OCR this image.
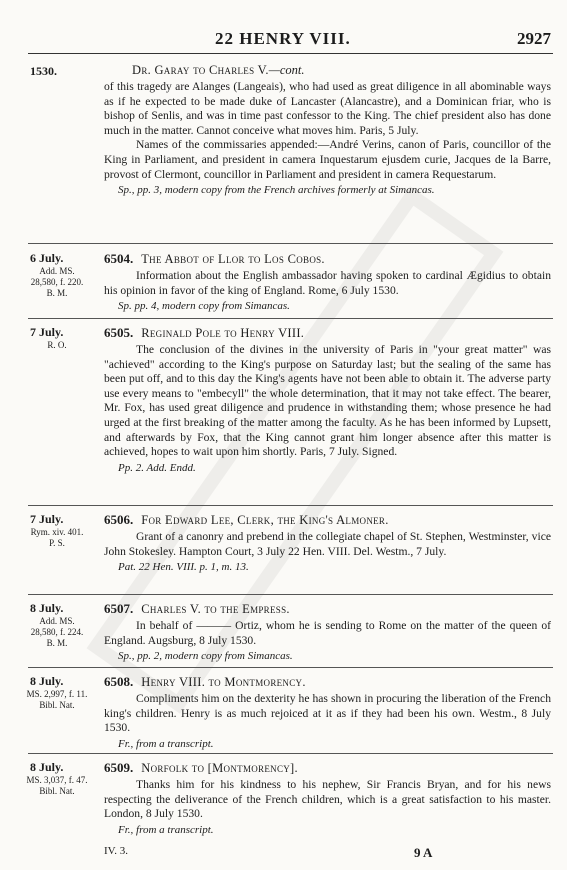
22 HENRY VIII.	2927
1530.	Dr. Garay to Charles V.—cont.

of this tragedy are Alanges (Langeais), who had used as great diligence in all abominable ways as if he expected to be made duke of Lancaster (Alancastre), and a Dominican friar, who is bishop of Senlis, and was in time past confessor to the King. The chief president also has done much in the matter. Cannot conceive what moves him. Paris, 5 July.

Names of the commissaries appended:—André Verins, canon of Paris, councillor of the King in Parliament, and president in camera Inquestarum ejusdem curie, Jacques de la Barre, provost of Clermont, councillor in Parliament and president in camera Requestarum.

Sp., pp. 3, modern copy from the French archives formerly at Simancas.
6 July.
Add. MS.
28,580, f. 220.
B. M.
6504. The Abbot of Llor to Los Cobos.

Information about the English ambassador having spoken to cardinal Ægidius to obtain his opinion in favor of the king of England. Rome, 6 July 1530.

Sp. pp. 4, modern copy from Simancas.
7 July.
R. O.
6505. Reginald Pole to Henry VIII.

The conclusion of the divines in the university of Paris in "your great matter" was "achieved" according to the King's purpose on Saturday last; but the sealing of the same has been put off, and to this day the King's agents have not been able to obtain it. The adverse party use every means to "embecyll" the whole determination, that it may not take effect. The bearer, Mr. Fox, has used great diligence and prudence in withstanding them; whose presence he had urged at the first breaking of the matter among the faculty. As he has been informed by Lupsett, and afterwards by Fox, that the King cannot grant him longer absence after this matter is achieved, hopes to wait upon him shortly. Paris, 7 July. Signed.

Pp. 2. Add. Endd.
7 July.
Rym. xiv. 401.
P. S.
6506. For Edward Lee, Clerk, the King's Almoner.

Grant of a canonry and prebend in the collegiate chapel of St. Stephen, Westminster, vice John Stokesley. Hampton Court, 3 July 22 Hen. VIII. Del. Westm., 7 July.

Pat. 22 Hen. VIII. p. 1, m. 13.
8 July.
Add. MS.
28,580, f. 224.
B. M.
6507. Charles V. to the Empress.

In behalf of ——— Ortiz, whom he is sending to Rome on the matter of the queen of England. Augsburg, 8 July 1530.

Sp., pp. 2, modern copy from Simancas.
8 July.
MS. 2,997, f. 11.
Bibl. Nat.
6508. Henry VIII. to Montmorency.

Compliments him on the dexterity he has shown in procuring the liberation of the French king's children. Henry is as much rejoiced at it as if they had been his own. Westm., 8 July 1530.

Fr., from a transcript.
8 July.
MS. 3,037, f. 47.
Bibl. Nat.
6509. Norfolk to [Montmorency].

Thanks him for his kindness to his nephew, Sir Francis Bryan, and for his news respecting the deliverance of the French children, which is a great satisfaction to his master. London, 8 July 1530.

Fr., from a transcript.
IV. 3.	9 A
